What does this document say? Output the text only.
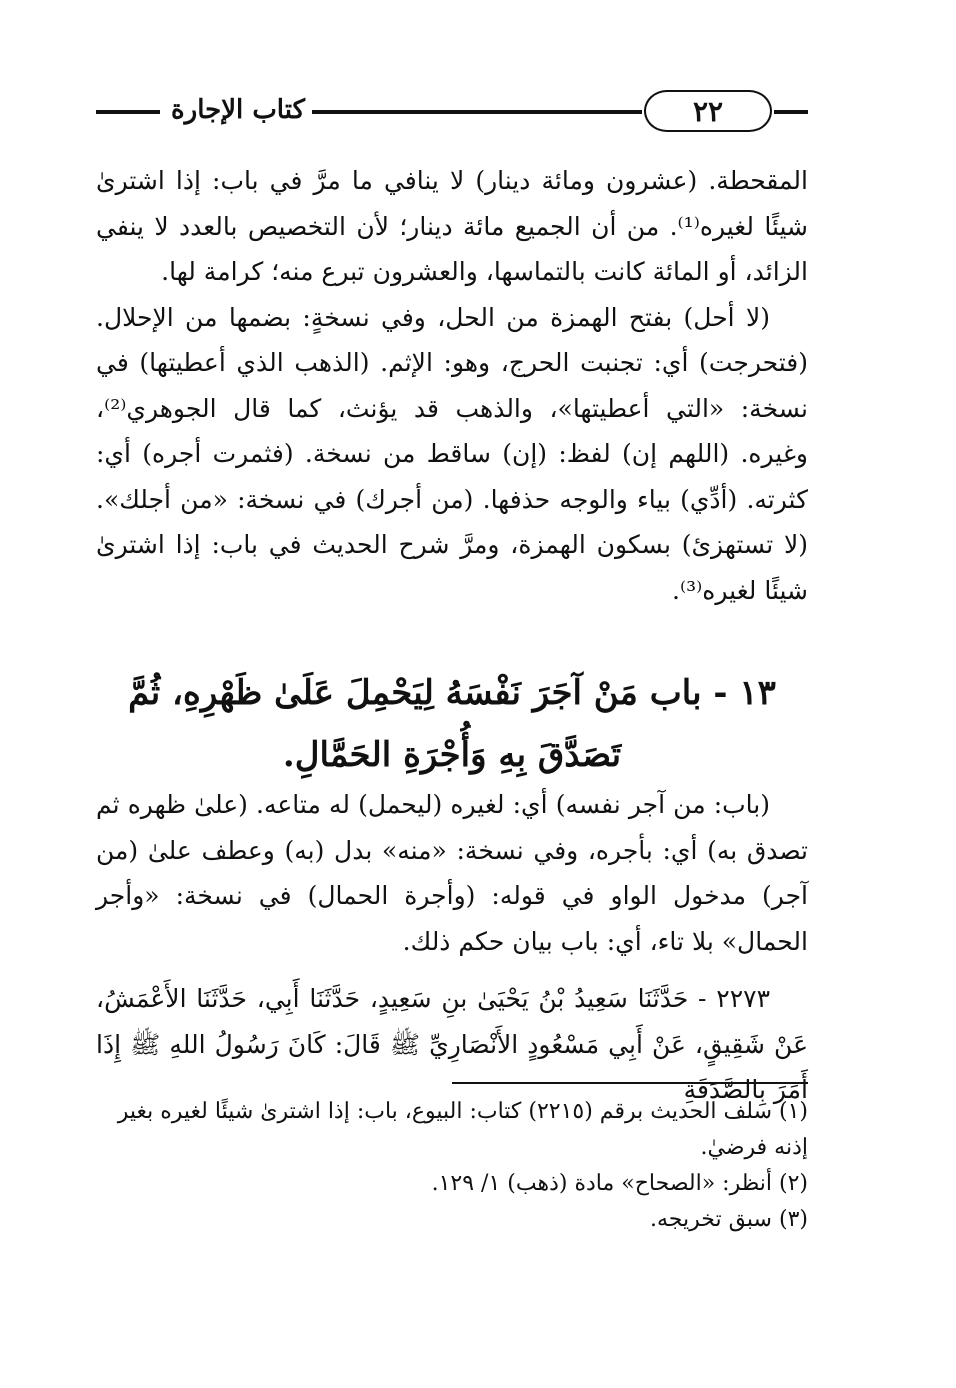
٢٢
كتاب الإجارة

المقحطة. (عشرون ومائة دينار) لا ينافي ما مرَّ في باب: إذا اشترىٰ شيئًا لغيره⁽¹⁾. من أن الجميع مائة دينار؛ لأن التخصيص بالعدد لا ينفي الزائد، أو المائة كانت بالتماسها، والعشرون تبرع منه؛ كرامة لها.

(لا أحل) بفتح الهمزة من الحل، وفي نسخةٍ: بضمها من الإحلال. (فتحرجت) أي: تجنبت الحرج، وهو: الإثم. (الذهب الذي أعطيتها) في نسخة: «التي أعطيتها»، والذهب قد يؤنث، كما قال الجوهري⁽²⁾، وغيره. (اللهم إن) لفظ: (إن) ساقط من نسخة. (فثمرت أجره) أي: كثرته. (أدِّي) بياء والوجه حذفها. (من أجرك) في نسخة: «من أجلك». (لا تستهزئ) بسكون الهمزة، ومرَّ شرح الحديث في باب: إذا اشترىٰ شيئًا لغيره⁽³⁾.

١٣ - باب مَنْ آجَرَ نَفْسَهُ لِيَحْمِلَ عَلَىٰ ظَهْرِهِ، ثُمَّ تَصَدَّقَ بِهِ وَأُجْرَةِ الحَمَّالِ.

(باب: من آجر نفسه) أي: لغيره (ليحمل) له متاعه. (علىٰ ظهره ثم تصدق به) أي: بأجره، وفي نسخة: «منه» بدل (به) وعطف علىٰ (من آجر) مدخول الواو في قوله: (وأجرة الحمال) في نسخة: «وأجر الحمال» بلا تاء، أي: باب بيان حكم ذلك.

٢٢٧٣ - حَدَّثَنَا سَعِيدُ بْنُ يَحْيَىٰ بنِ سَعِيدٍ، حَدَّثَنَا أَبِي، حَدَّثَنَا الأَعْمَشُ، عَنْ شَقِيقٍ، عَنْ أَبِي مَسْعُودٍ الأَنْصَارِيِّ ﷺ قَالَ: كَانَ رَسُولُ اللهِ ﷺ إِذَا أَمَرَ بِالصَّدَقَةِ

(١) سلف الحديث برقم (٢٢١٥) كتاب: البيوع، باب: إذا اشترىٰ شيئًا لغيره بغير إذنه فرضيٰ.

(٢) أنظر: «الصحاح» مادة (ذهب) ١/ ١٢٩.

(٣) سبق تخريجه.
